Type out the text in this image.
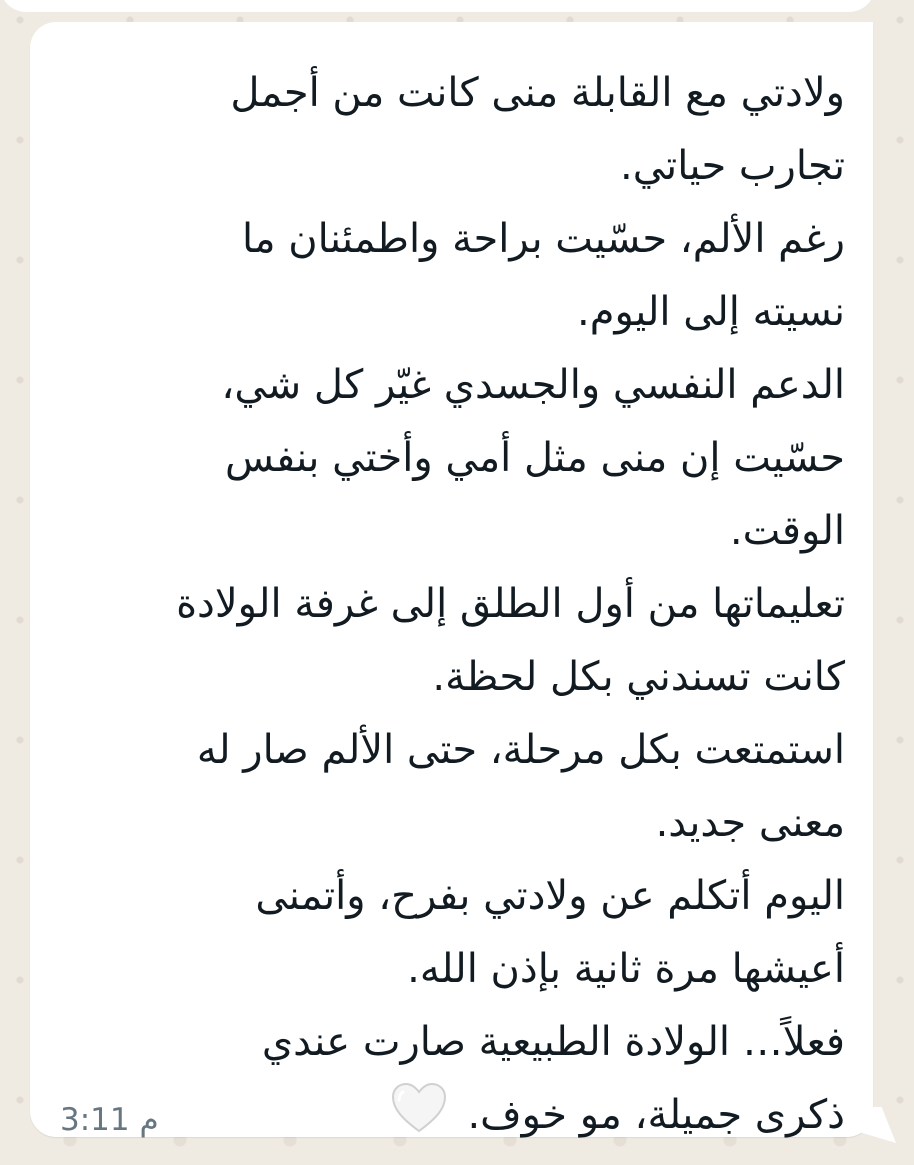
ولادتي مع القابلة منى كانت من أجمل
تجارب حياتي.
رغم الألم، حسّيت براحة واطمئنان ما
نسيته إلى اليوم.
الدعم النفسي والجسدي غيّر كل شي،
حسّيت إن منى مثل أمي وأختي بنفس
الوقت.
تعليماتها من أول الطلق إلى غرفة الولادة
كانت تسندني بكل لحظة.
استمتعت بكل مرحلة، حتى الألم صار له
معنى جديد.
اليوم أتكلم عن ولادتي بفرح، وأتمنى
أعيشها مرة ثانية بإذن الله.
فعلاً… الولادة الطبيعية صارت عندي
ذكرى جميلة، مو خوف.
3:11 م
